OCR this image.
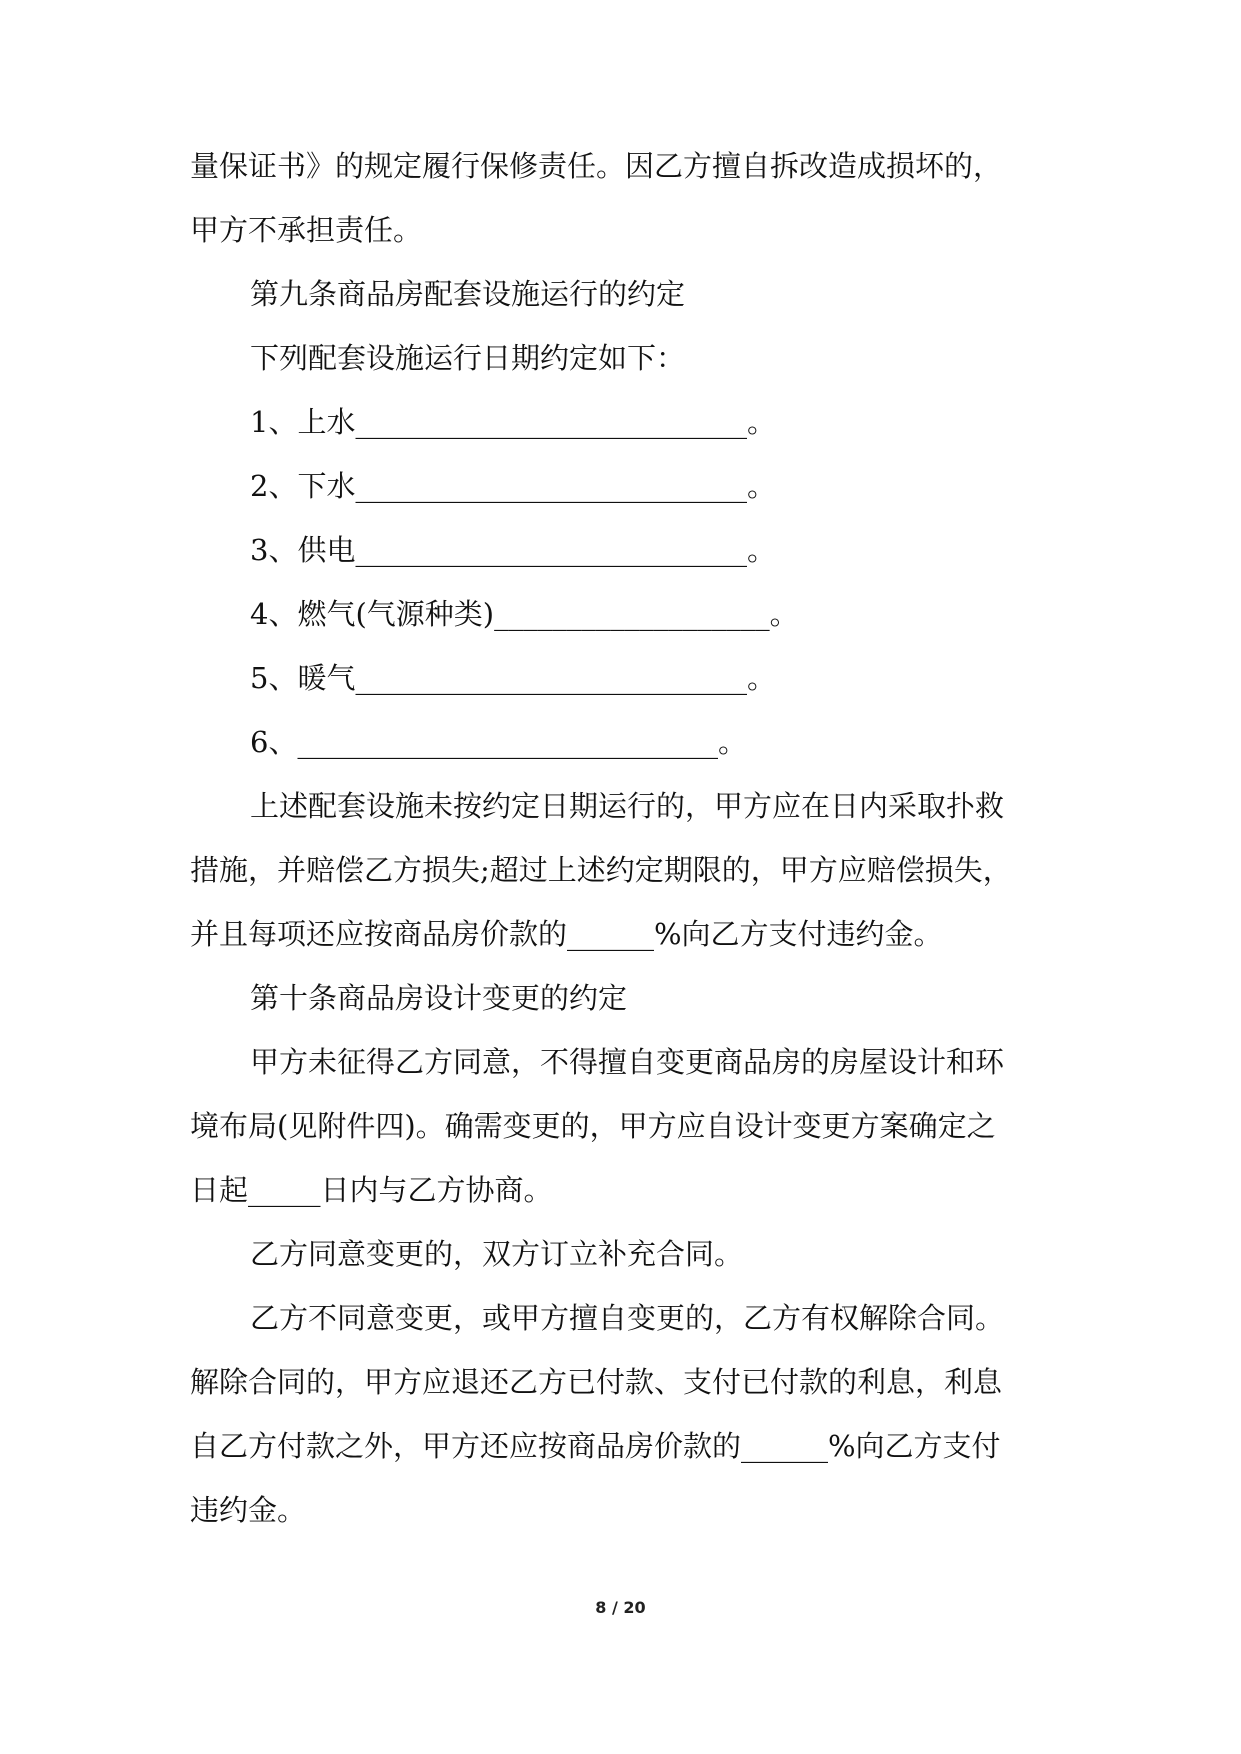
量保证书》的规定履行保修责任。因乙方擅自拆改造成损坏的，
甲方不承担责任。
第九条商品房配套设施运行的约定
下列配套设施运行日期约定如下：
1、上水___________________________。
2、下水___________________________。
3、供电___________________________。
4、燃气(气源种类)___________________。
5、暖气___________________________。
6、_____________________________。
上述配套设施未按约定日期运行的，甲方应在日内采取扑救
措施，并赔偿乙方损失;超过上述约定期限的，甲方应赔偿损失，
并且每项还应按商品房价款的______%向乙方支付违约金。
第十条商品房设计变更的约定
甲方未征得乙方同意，不得擅自变更商品房的房屋设计和环
境布局(见附件四)。确需变更的，甲方应自设计变更方案确定之
日起_____日内与乙方协商。
乙方同意变更的，双方订立补充合同。
乙方不同意变更，或甲方擅自变更的，乙方有权解除合同。
解除合同的，甲方应退还乙方已付款、支付已付款的利息，利息
自乙方付款之外，甲方还应按商品房价款的______%向乙方支付
违约金。
8 / 20
